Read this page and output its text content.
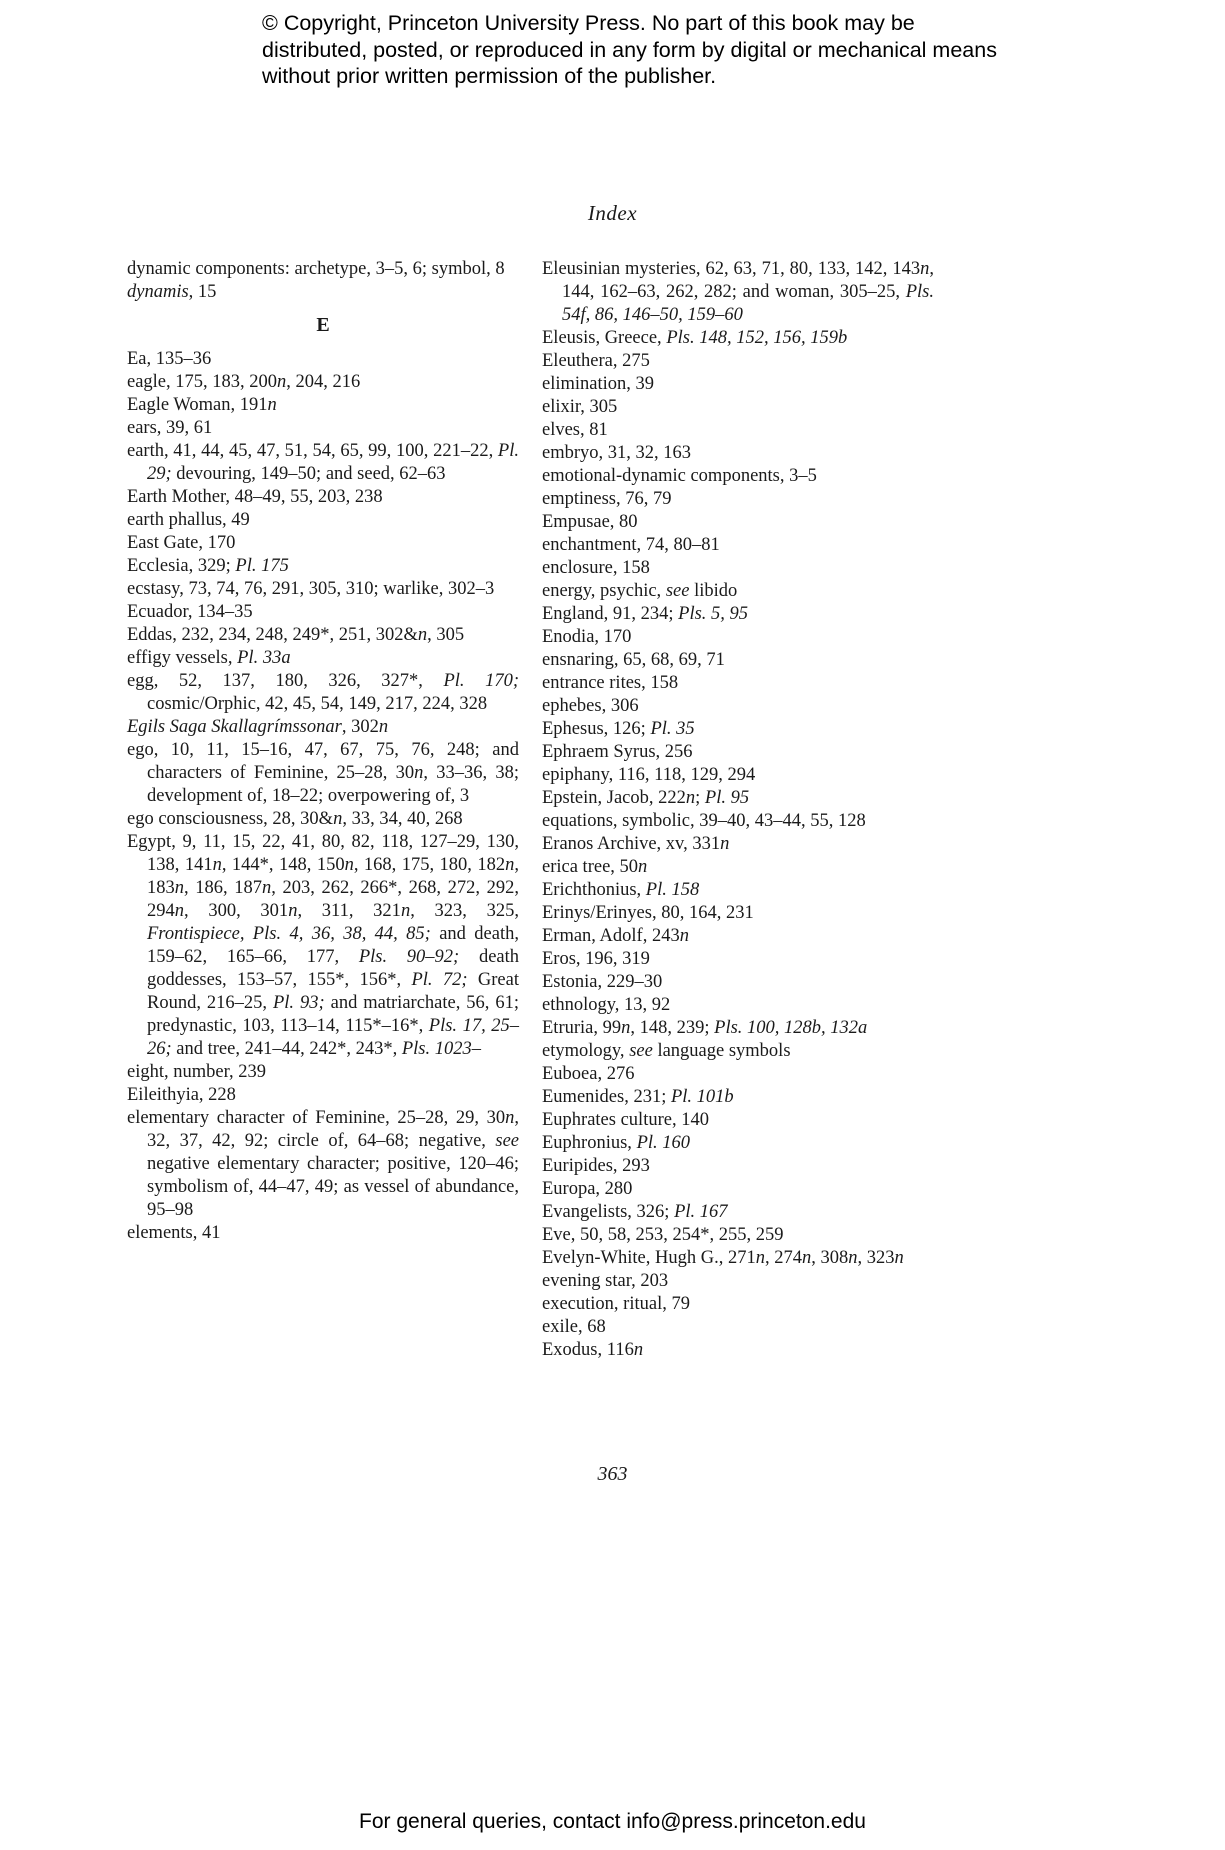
© Copyright, Princeton University Press. No part of this book may be distributed, posted, or reproduced in any form by digital or mechanical means without prior written permission of the publisher.
Index

dynamic components: archetype, 3–5, 6; symbol, 8

dynamis, 15

E

Ea, 135–36

eagle, 175, 183, 200n, 204, 216

Eagle Woman, 191n

ears, 39, 61

earth, 41, 44, 45, 47, 51, 54, 65, 99, 100, 221–22, Pl. 29; devouring, 149–50; and seed, 62–63

Earth Mother, 48–49, 55, 203, 238

earth phallus, 49

East Gate, 170

Ecclesia, 329; Pl. 175

ecstasy, 73, 74, 76, 291, 305, 310; warlike, 302–3

Ecuador, 134–35

Eddas, 232, 234, 248, 249*, 251, 302&n, 305

effigy vessels, Pl. 33a

egg, 52, 137, 180, 326, 327*, Pl. 170; cosmic/Orphic, 42, 45, 54, 149, 217, 224, 328

Egils Saga Skallagrímssonar, 302n

ego, 10, 11, 15–16, 47, 67, 75, 76, 248; and characters of Feminine, 25–28, 30n, 33–36, 38; development of, 18–22; overpowering of, 3

ego consciousness, 28, 30&n, 33, 34, 40, 268

Egypt, 9, 11, 15, 22, 41, 80, 82, 118, 127–29, 130, 138, 141n, 144*, 148, 150n, 168, 175, 180, 182n, 183n, 186, 187n, 203, 262, 266*, 268, 272, 292, 294n, 300, 301n, 311, 321n, 323, 325, Frontispiece, Pls. 4, 36, 38, 44, 85; and death, 159–62, 165–66, 177, Pls. 90–92; death goddesses, 153–57, 155*, 156*, Pl. 72; Great Round, 216–25, Pl. 93; and matriarchate, 56, 61; predynastic, 103, 113–14, 115*–16*, Pls. 17, 25–26; and tree, 241–44, 242*, 243*, Pls. 1023–

eight, number, 239

Eileithyia, 228

elementary character of Feminine, 25–28, 29, 30n, 32, 37, 42, 92; circle of, 64–68; negative, see negative elementary character; positive, 120–46; symbolism of, 44–47, 49; as vessel of abundance, 95–98

elements, 41

Eleusinian mysteries, 62, 63, 71, 80, 133, 142, 143n, 144, 162–63, 262, 282; and woman, 305–25, Pls. 54f, 86, 146–50, 159–60

Eleusis, Greece, Pls. 148, 152, 156, 159b

Eleuthera, 275

elimination, 39

elixir, 305

elves, 81

embryo, 31, 32, 163

emotional-dynamic components, 3–5

emptiness, 76, 79

Empusae, 80

enchantment, 74, 80–81

enclosure, 158

energy, psychic, see libido

England, 91, 234; Pls. 5, 95

Enodia, 170

ensnaring, 65, 68, 69, 71

entrance rites, 158

ephebes, 306

Ephesus, 126; Pl. 35

Ephraem Syrus, 256

epiphany, 116, 118, 129, 294

Epstein, Jacob, 222n; Pl. 95

equations, symbolic, 39–40, 43–44, 55, 128

Eranos Archive, xv, 331n

erica tree, 50n

Erichthonius, Pl. 158

Erinys/Erinyes, 80, 164, 231

Erman, Adolf, 243n

Eros, 196, 319

Estonia, 229–30

ethnology, 13, 92

Etruria, 99n, 148, 239; Pls. 100, 128b, 132a

etymology, see language symbols

Euboea, 276

Eumenides, 231; Pl. 101b

Euphrates culture, 140

Euphronius, Pl. 160

Euripides, 293

Europa, 280

Evangelists, 326; Pl. 167

Eve, 50, 58, 253, 254*, 255, 259

Evelyn-White, Hugh G., 271n, 274n, 308n, 323n

evening star, 203

execution, ritual, 79

exile, 68

Exodus, 116n

363
For general queries, contact info@press.princeton.edu
